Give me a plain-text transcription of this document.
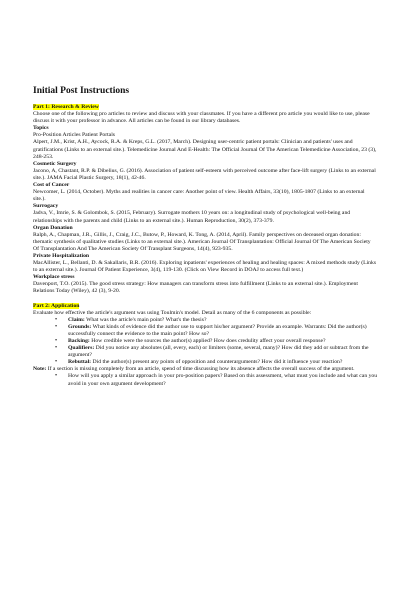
Initial Post Instructions
Part 1: Research & Review

Choose one of the following pro articles to review and discuss with your classmates. If you have a different pro article you would like to use, please discuss it with your professor in advance. All articles can be found in our library databases.

Topics

Pro-Position Articles Patient Portals

Alpert, J.M., Krist, A.H., Aycock, R.A. & Kreps, G.L. (2017, March). Designing user-centric patient portals: Clinician and patients' uses and gratifications (Links to an external site.). Telemedicine Journal And E-Health: The Official Journal Of The American Telemedicine Association, 23 (3), 248-253.

Cosmetic Surgery

Jacono, A, Chastant, R.P. & Dibelius, G. (2016). Association of patient self-esteem with perceived outcome after face-lift surgery (Links to an external site.). JAMA Facial Plastic Surgery, 18(1), 42-46.

Cost of Cancer

Newcomer, L. (2014, October). Myths and realities in cancer care: Another point of view. Health Affairs, 33(10), 1805-1807 (Links to an external site.).

Surrogacy

Jadva, V., Imrie, S. & Golombok, S. (2015, February). Surrogate mothers 10 years on: a longitudinal study of psychological well-being and relationships with the parents and child (Links to an external site.). Human Reproduction, 30(2), 373-379.

Organ Donation

Ralph, A., Chapman, J.R., Gillis, J., Craig, J.C., Butow, P., Howard, K. Tong, A. (2014, April). Family perspectives on deceased organ donation: thematic synthesis of qualitative studies (Links to an external site.). American Journal Of Transplantation: Official Journal Of The American Society Of Transplantation And The American Society Of Transplant Surgeons, 14(4), 923-935.

Private Hospitalization

MacAllister, L., Bellanti, D. & Sakallaris, B.R. (2016). Exploring inpatients' experiences of healing and healing spaces: A mixed methods study (Links to an external site.). Journal Of Patient Experience, 3(4), 119-130. (Click on View Record in DOAJ to access full text.)

Workplace stress

Davenport, T.O. (2015). The good stress strategy: How managers can transform stress into fulfillment (Links to an external site.). Employment Relations Today (Wiley), 42 (3), 9-20.

Part 2: Application

Evaluate how effective the article's argument was using Toulmin's model. Detail as many of the 6 components as possible:

• Claim: What was the article's main point? What's the thesis?
• Grounds: What kinds of evidence did the author use to support his/her argument? Provide an example. Warrants: Did the author(s) successfully connect the evidence to the main point? How so?
• Backing: How credible were the sources the author(s) applied? How does credulity affect your overall response?
• Qualifiers: Did you notice any absolutes (all, every, each) or limiters (some, several, many)? How did they add or subtract from the argument?
• Rebuttal: Did the author(s) present any points of opposition and counterarguments? How did it influence your reaction?

Note: If a section is missing completely from an article, spend of time discussing how its absence affects the overall success of the argument.

• How will you apply a similar approach in your pro-position papers? Based on this assessment, what must you include and what can you avoid in your own argument development?
